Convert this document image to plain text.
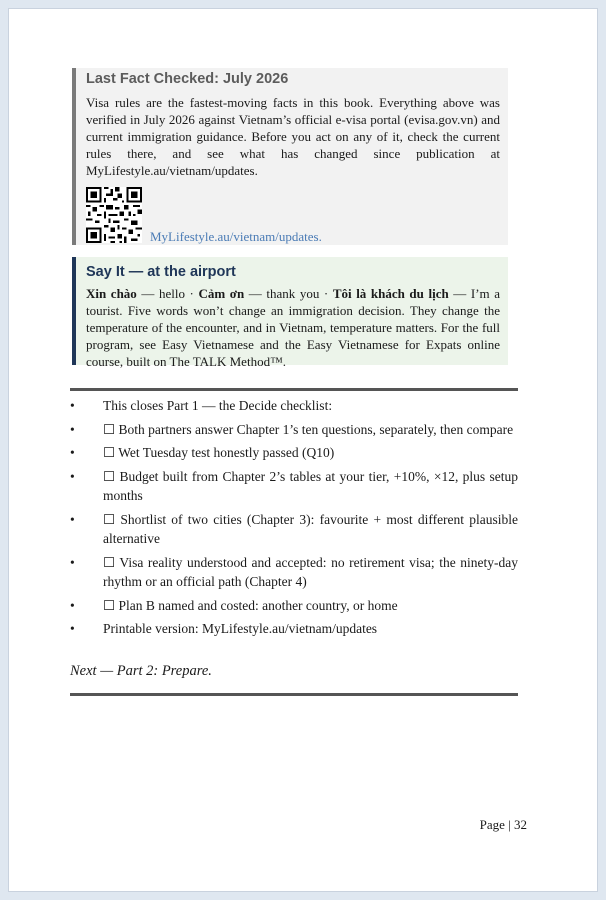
Last Fact Checked: July 2026

Visa rules are the fastest-moving facts in this book. Everything above was verified in July 2026 against Vietnam’s official e-visa portal (evisa.gov.vn) and current immigration guidance. Before you act on any of it, check the current rules there, and see what has changed since publication at MyLifestyle.au/vietnam/updates.

MyLifestyle.au/vietnam/updates.
Say It — at the airport

Xin chào — hello · Cảm ơn — thank you · Tôi là khách du lịch — I’m a tourist. Five words won’t change an immigration decision. They change the temperature of the encounter, and in Vietnam, temperature matters. For the full program, see Easy Vietnamese and the Easy Vietnamese for Expats online course, built on The TALK Method™.

• This closes Part 1 — the Decide checklist:
• ☐ Both partners answer Chapter 1’s ten questions, separately, then compare
• ☐ Wet Tuesday test honestly passed (Q10)
• ☐ Budget built from Chapter 2’s tables at your tier, +10%, ×12, plus setup months
• ☐ Shortlist of two cities (Chapter 3): favourite + most different plausible alternative
• ☐ Visa reality understood and accepted: no retirement visa; the ninety-day rhythm or an official path (Chapter 4)
• ☐ Plan B named and costed: another country, or home
• Printable version: MyLifestyle.au/vietnam/updates
Next — Part 2: Prepare.
Page | 32
